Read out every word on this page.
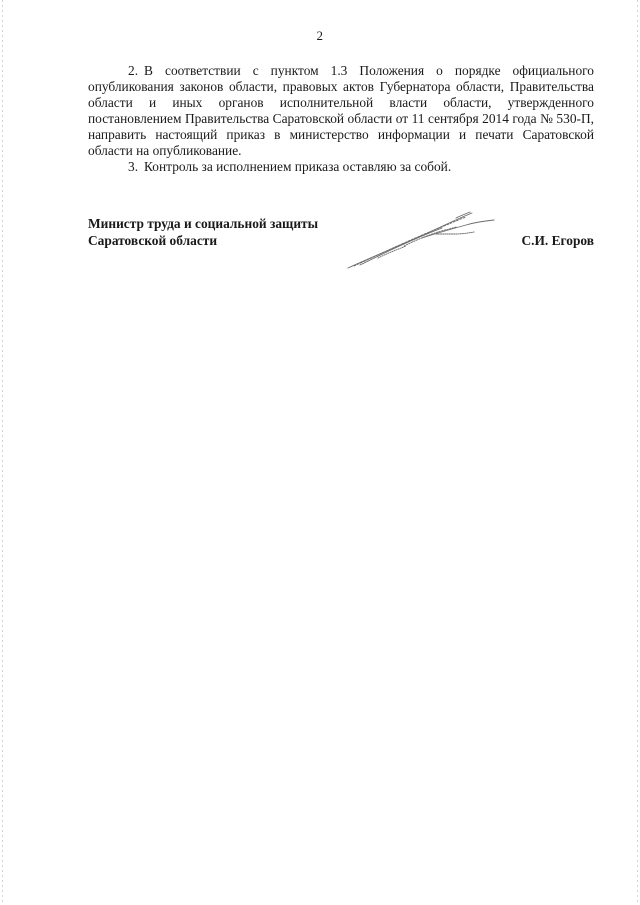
2

2. В соответствии с пунктом 1.3 Положения о порядке официального опубликования законов области, правовых актов Губернатора области, Правительства области и иных органов исполнительной власти области, утвержденного постановлением Правительства Саратовской области от 11 сентября 2014 года № 530-П, направить настоящий приказ в министерство информации и печати Саратовской области на опубликование.

3. Контроль за исполнением приказа оставляю за собой.

Министр труда и социальной защиты
Саратовской области	С.И. Егоров
